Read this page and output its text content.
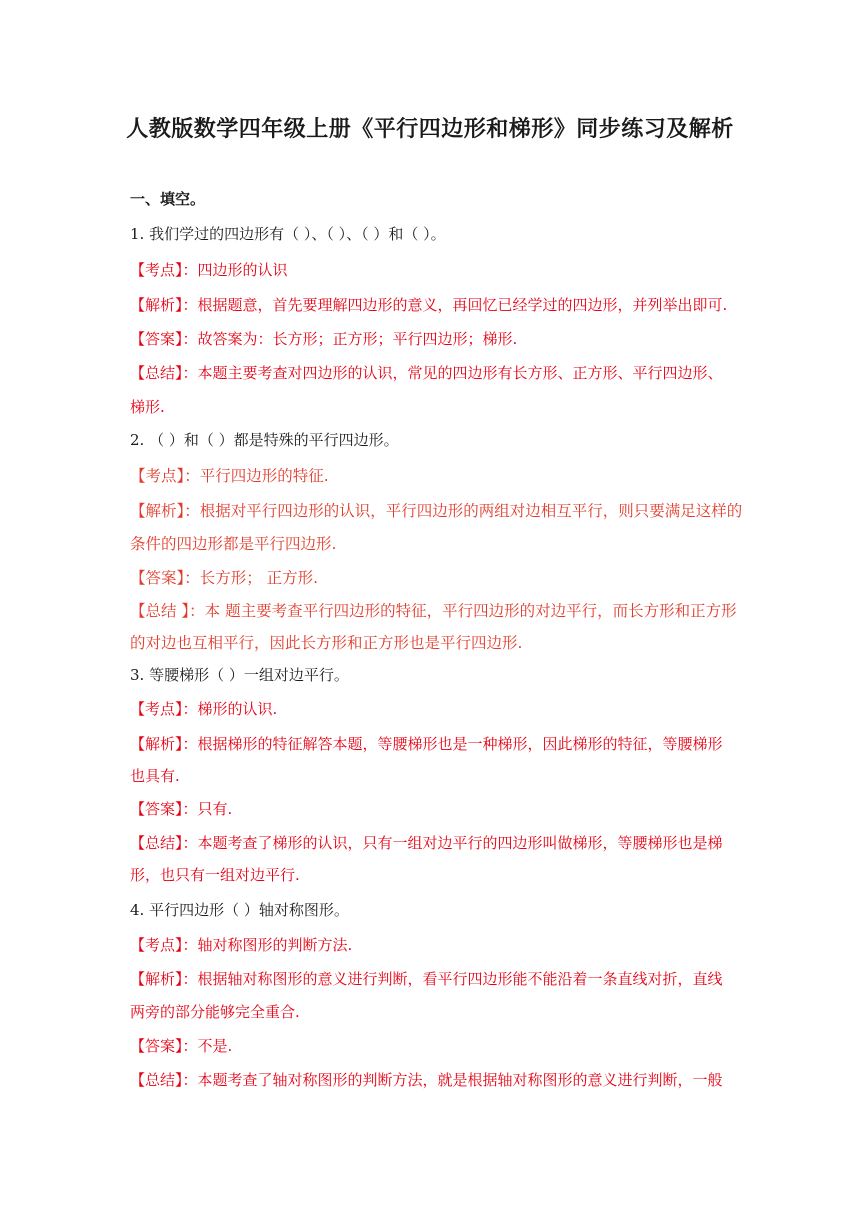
人教版数学四年级上册《平行四边形和梯形》同步练习及解析
一、填空。
1. 我们学过的四边形有（ ）、（ ）、（ ）和（ ）。
【考点】：四边形的认识
【解析】：根据题意，首先要理解四边形的意义，再回忆已经学过的四边形，并列举出即可.
【答案】：故答案为：长方形；正方形；平行四边形；梯形.
【总结】：本题主要考查对四边形的认识，常见的四边形有长方形、正方形、平行四边形、
梯形.
2. （ ）和（ ）都是特殊的平行四边形。
【考点】：平行四边形的特征.
【解析】：根据对平行四边形的认识，平行四边形的两组对边相互平行，则只要满足这样的
条件的四边形都是平行四边形.
【答案】：长方形； 正方形.
【总结 】：本 题主要考查平行四边形的特征，平行四边形的对边平行，而长方形和正方形
的对边也互相平行，因此长方形和正方形也是平行四边形.
3. 等腰梯形（ ）一组对边平行。
【考点】：梯形的认识.
【解析】：根据梯形的特征解答本题，等腰梯形也是一种梯形，因此梯形的特征，等腰梯形
也具有.
【答案】：只有.
【总结】：本题考查了梯形的认识，只有一组对边平行的四边形叫做梯形，等腰梯形也是梯
形，也只有一组对边平行.
4. 平行四边形（ ）轴对称图形。
【考点】：轴对称图形的判断方法.
【解析】：根据轴对称图形的意义进行判断，看平行四边形能不能沿着一条直线对折，直线
两旁的部分能够完全重合.
【答案】：不是.
【总结】：本题考查了轴对称图形的判断方法，就是根据轴对称图形的意义进行判断，一般
